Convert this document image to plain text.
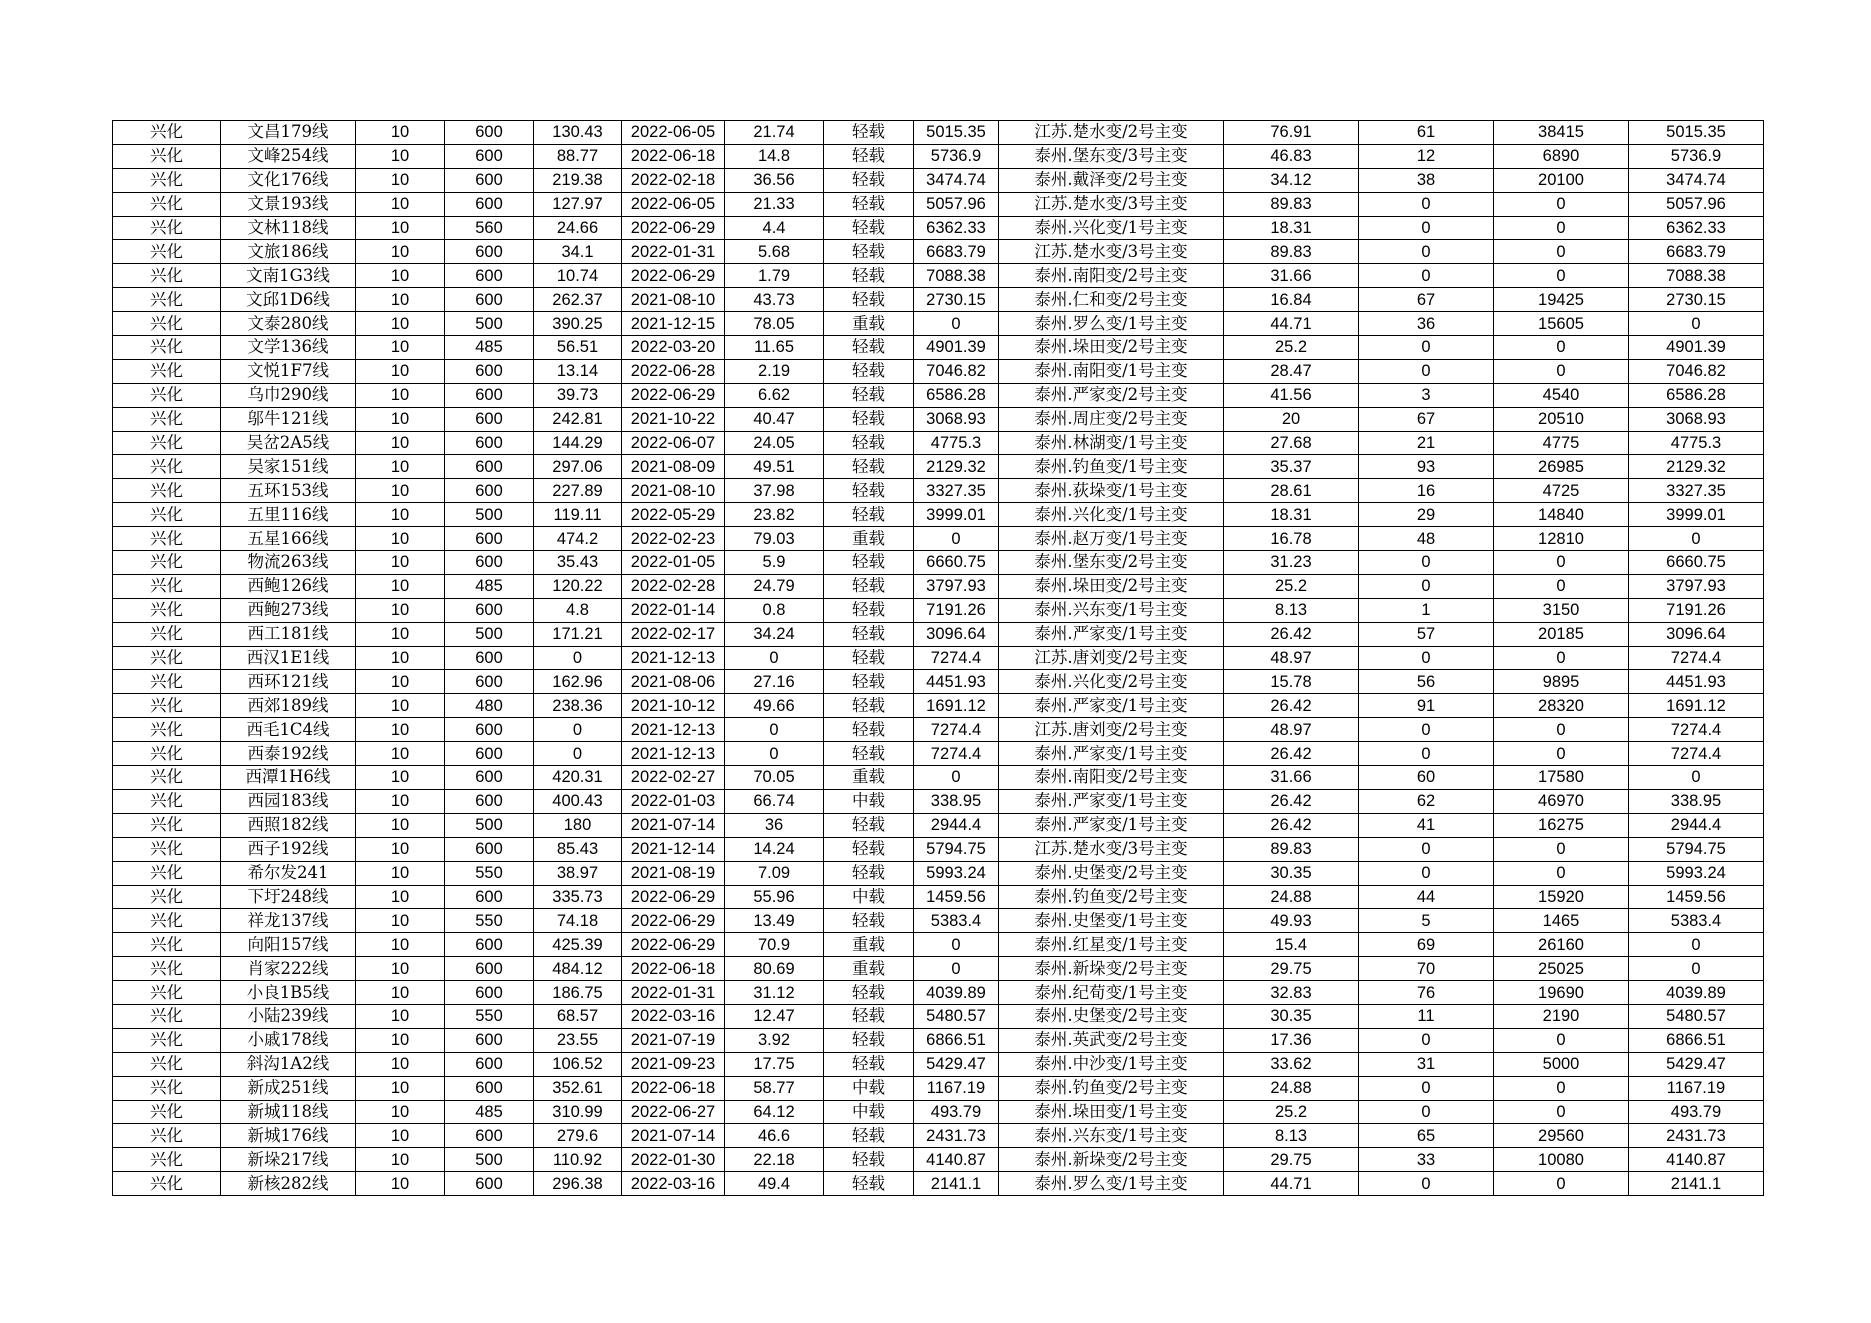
兴化	文昌179线	10	600	130.43	2022-06-05	21.74	轻载	5015.35	江苏.楚水变/2号主变	76.91	61	38415	5015.35
兴化	文峰254线	10	600	88.77	2022-06-18	14.8	轻载	5736.9	泰州.堡东变/3号主变	46.83	12	6890	5736.9
兴化	文化176线	10	600	219.38	2022-02-18	36.56	轻载	3474.74	泰州.戴泽变/2号主变	34.12	38	20100	3474.74
兴化	文景193线	10	600	127.97	2022-06-05	21.33	轻载	5057.96	江苏.楚水变/3号主变	89.83	0	0	5057.96
兴化	文林118线	10	560	24.66	2022-06-29	4.4	轻载	6362.33	泰州.兴化变/1号主变	18.31	0	0	6362.33
兴化	文旅186线	10	600	34.1	2022-01-31	5.68	轻载	6683.79	江苏.楚水变/3号主变	89.83	0	0	6683.79
兴化	文南1G3线	10	600	10.74	2022-06-29	1.79	轻载	7088.38	泰州.南阳变/2号主变	31.66	0	0	7088.38
兴化	文邱1D6线	10	600	262.37	2021-08-10	43.73	轻载	2730.15	泰州.仁和变/2号主变	16.84	67	19425	2730.15
兴化	文泰280线	10	500	390.25	2021-12-15	78.05	重载	0	泰州.罗么变/1号主变	44.71	36	15605	0
兴化	文学136线	10	485	56.51	2022-03-20	11.65	轻载	4901.39	泰州.垛田变/2号主变	25.2	0	0	4901.39
兴化	文悦1F7线	10	600	13.14	2022-06-28	2.19	轻载	7046.82	泰州.南阳变/1号主变	28.47	0	0	7046.82
兴化	乌巾290线	10	600	39.73	2022-06-29	6.62	轻载	6586.28	泰州.严家变/2号主变	41.56	3	4540	6586.28
兴化	邬牛121线	10	600	242.81	2021-10-22	40.47	轻载	3068.93	泰州.周庄变/2号主变	20	67	20510	3068.93
兴化	吴岔2A5线	10	600	144.29	2022-06-07	24.05	轻载	4775.3	泰州.林湖变/1号主变	27.68	21	4775	4775.3
兴化	吴家151线	10	600	297.06	2021-08-09	49.51	轻载	2129.32	泰州.钓鱼变/1号主变	35.37	93	26985	2129.32
兴化	五环153线	10	600	227.89	2021-08-10	37.98	轻载	3327.35	泰州.荻垛变/1号主变	28.61	16	4725	3327.35
兴化	五里116线	10	500	119.11	2022-05-29	23.82	轻载	3999.01	泰州.兴化变/1号主变	18.31	29	14840	3999.01
兴化	五星166线	10	600	474.2	2022-02-23	79.03	重载	0	泰州.赵万变/1号主变	16.78	48	12810	0
兴化	物流263线	10	600	35.43	2022-01-05	5.9	轻载	6660.75	泰州.堡东变/2号主变	31.23	0	0	6660.75
兴化	西鲍126线	10	485	120.22	2022-02-28	24.79	轻载	3797.93	泰州.垛田变/2号主变	25.2	0	0	3797.93
兴化	西鲍273线	10	600	4.8	2022-01-14	0.8	轻载	7191.26	泰州.兴东变/1号主变	8.13	1	3150	7191.26
兴化	西工181线	10	500	171.21	2022-02-17	34.24	轻载	3096.64	泰州.严家变/1号主变	26.42	57	20185	3096.64
兴化	西汉1E1线	10	600	0	2021-12-13	0	轻载	7274.4	江苏.唐刘变/2号主变	48.97	0	0	7274.4
兴化	西环121线	10	600	162.96	2021-08-06	27.16	轻载	4451.93	泰州.兴化变/2号主变	15.78	56	9895	4451.93
兴化	西郊189线	10	480	238.36	2021-10-12	49.66	轻载	1691.12	泰州.严家变/1号主变	26.42	91	28320	1691.12
兴化	西毛1C4线	10	600	0	2021-12-13	0	轻载	7274.4	江苏.唐刘变/2号主变	48.97	0	0	7274.4
兴化	西泰192线	10	600	0	2021-12-13	0	轻载	7274.4	泰州.严家变/1号主变	26.42	0	0	7274.4
兴化	西潭1H6线	10	600	420.31	2022-02-27	70.05	重载	0	泰州.南阳变/2号主变	31.66	60	17580	0
兴化	西园183线	10	600	400.43	2022-01-03	66.74	中载	338.95	泰州.严家变/1号主变	26.42	62	46970	338.95
兴化	西照182线	10	500	180	2021-07-14	36	轻载	2944.4	泰州.严家变/1号主变	26.42	41	16275	2944.4
兴化	西子192线	10	600	85.43	2021-12-14	14.24	轻载	5794.75	江苏.楚水变/3号主变	89.83	0	0	5794.75
兴化	希尔发241	10	550	38.97	2021-08-19	7.09	轻载	5993.24	泰州.史堡变/2号主变	30.35	0	0	5993.24
兴化	下圩248线	10	600	335.73	2022-06-29	55.96	中载	1459.56	泰州.钓鱼变/2号主变	24.88	44	15920	1459.56
兴化	祥龙137线	10	550	74.18	2022-06-29	13.49	轻载	5383.4	泰州.史堡变/1号主变	49.93	5	1465	5383.4
兴化	向阳157线	10	600	425.39	2022-06-29	70.9	重载	0	泰州.红星变/1号主变	15.4	69	26160	0
兴化	肖家222线	10	600	484.12	2022-06-18	80.69	重载	0	泰州.新垛变/2号主变	29.75	70	25025	0
兴化	小良1B5线	10	600	186.75	2022-01-31	31.12	轻载	4039.89	泰州.纪荀变/1号主变	32.83	76	19690	4039.89
兴化	小陆239线	10	550	68.57	2022-03-16	12.47	轻载	5480.57	泰州.史堡变/2号主变	30.35	11	2190	5480.57
兴化	小戚178线	10	600	23.55	2021-07-19	3.92	轻载	6866.51	泰州.英武变/2号主变	17.36	0	0	6866.51
兴化	斜沟1A2线	10	600	106.52	2021-09-23	17.75	轻载	5429.47	泰州.中沙变/1号主变	33.62	31	5000	5429.47
兴化	新成251线	10	600	352.61	2022-06-18	58.77	中载	1167.19	泰州.钓鱼变/2号主变	24.88	0	0	1167.19
兴化	新城118线	10	485	310.99	2022-06-27	64.12	中载	493.79	泰州.垛田变/1号主变	25.2	0	0	493.79
兴化	新城176线	10	600	279.6	2021-07-14	46.6	轻载	2431.73	泰州.兴东变/1号主变	8.13	65	29560	2431.73
兴化	新垛217线	10	500	110.92	2022-01-30	22.18	轻载	4140.87	泰州.新垛变/2号主变	29.75	33	10080	4140.87
兴化	新核282线	10	600	296.38	2022-03-16	49.4	轻载	2141.1	泰州.罗么变/1号主变	44.71	0	0	2141.1
